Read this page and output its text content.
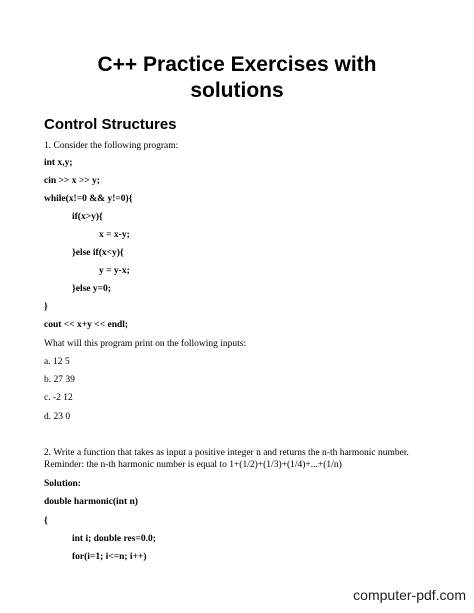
C++ Practice Exercises with
solutions
Control Structures
1. Consider the following program:
int x,y;
cin >> x >> y;
while(x!=0 && y!=0){
if(x>y){
x = x-y;
}else if(x<y){
y = y-x;
}else y=0;
}
cout << x+y << endl;
What will this program print on the following inputs:
a. 12 5
b. 27 39
c. -2 12
d. 23 0
2. Write a function that takes as input a positive integer n and returns the n-th harmonic number.
Reminder: the n-th harmonic number is equal to 1+(1/2)+(1/3)+(1/4)+...+(1/n)
Solution:
double harmonic(int n)
{
int i; double res=0.0;
for(i=1; i<=n; i++)
computer-pdf.com
